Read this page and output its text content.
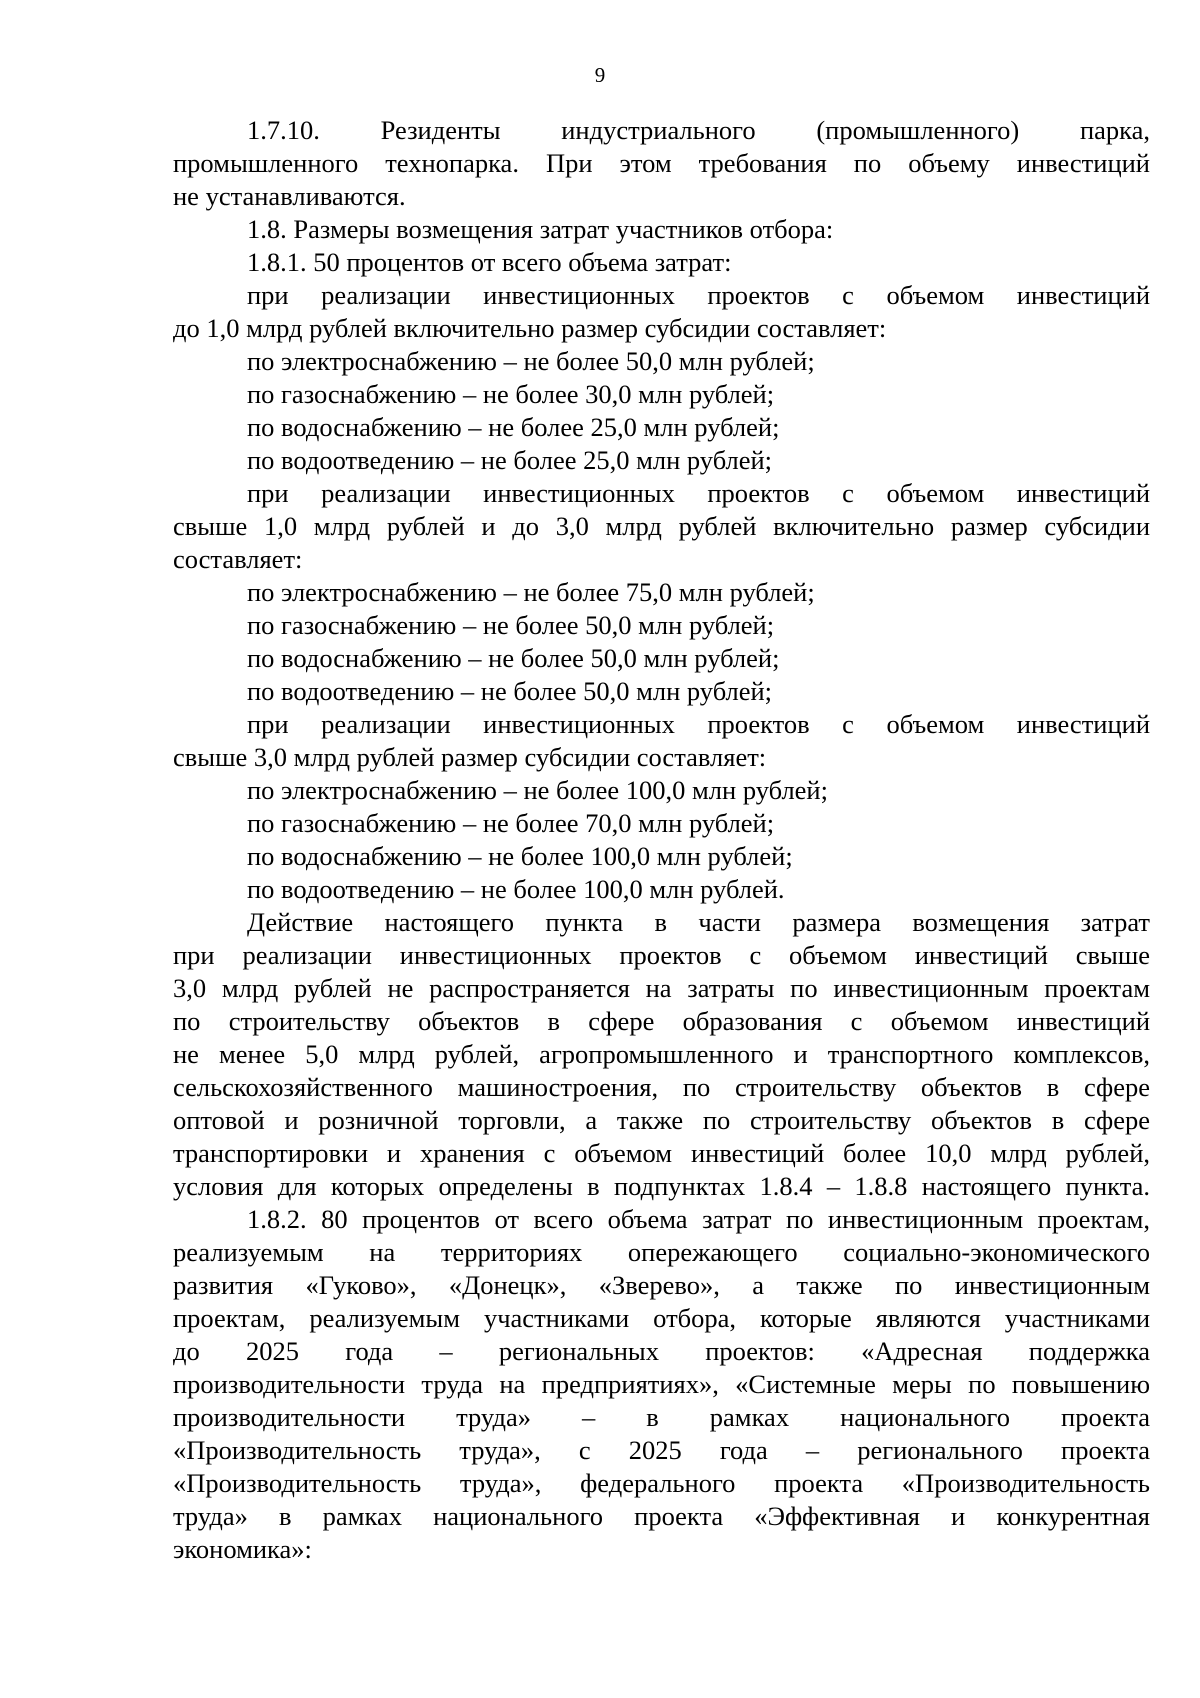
9
1.7.10. Резиденты индустриального (промышленного) парка,
промышленного технопарка. При этом требования по объему инвестиций
не устанавливаются.
1.8. Размеры возмещения затрат участников отбора:
1.8.1. 50 процентов от всего объема затрат:
при реализации инвестиционных проектов с объемом инвестиций
до 1,0 млрд рублей включительно размер субсидии составляет:
по электроснабжению – не более 50,0 млн рублей;
по газоснабжению – не более 30,0 млн рублей;
по водоснабжению – не более 25,0 млн рублей;
по водоотведению – не более 25,0 млн рублей;
при реализации инвестиционных проектов с объемом инвестиций
свыше 1,0 млрд рублей и до 3,0 млрд рублей включительно размер субсидии
составляет:
по электроснабжению – не более 75,0 млн рублей;
по газоснабжению – не более 50,0 млн рублей;
по водоснабжению – не более 50,0 млн рублей;
по водоотведению – не более 50,0 млн рублей;
при реализации инвестиционных проектов с объемом инвестиций
свыше 3,0 млрд рублей размер субсидии составляет:
по электроснабжению – не более 100,0 млн рублей;
по газоснабжению – не более 70,0 млн рублей;
по водоснабжению – не более 100,0 млн рублей;
по водоотведению – не более 100,0 млн рублей.
Действие настоящего пункта в части размера возмещения затрат
при реализации инвестиционных проектов с объемом инвестиций свыше
3,0 млрд рублей не распространяется на затраты по инвестиционным проектам
по строительству объектов в сфере образования с объемом инвестиций
не менее 5,0 млрд рублей, агропромышленного и транспортного комплексов,
сельскохозяйственного машиностроения, по строительству объектов в сфере
оптовой и розничной торговли, а также по строительству объектов в сфере
транспортировки и хранения с объемом инвестиций более 10,0 млрд рублей,
условия для которых определены в подпунктах 1.8.4 – 1.8.8 настоящего пункта.
1.8.2. 80 процентов от всего объема затрат по инвестиционным проектам,
реализуемым на территориях опережающего социально-экономического
развития «Гуково», «Донецк», «Зверево», а также по инвестиционным
проектам, реализуемым участниками отбора, которые являются участниками
до 2025 года – региональных проектов: «Адресная поддержка
производительности труда на предприятиях», «Системные меры по повышению
производительности труда» – в рамках национального проекта
«Производительность труда», с 2025 года – регионального проекта
«Производительность труда», федерального проекта «Производительность
труда» в рамках национального проекта «Эффективная и конкурентная
экономика»:
